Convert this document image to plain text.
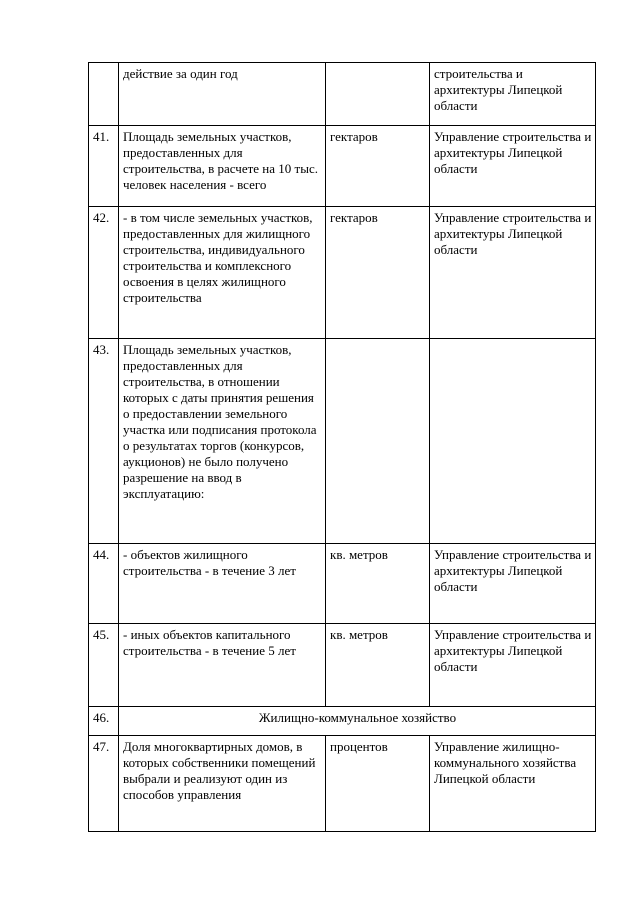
	действие за один год		строительства и архитектуры Липецкой области
41.	Площадь земельных участков, предоставленных для строительства, в расчете на 10 тыс. человек населения - всего	гектаров	Управление строительства и архитектуры Липецкой области
42.	- в том числе земельных участков, предоставленных для жилищного строительства, индивидуального строительства и комплексного освоения в целях жилищного строительства	гектаров	Управление строительства и архитектуры Липецкой области
43.	Площадь земельных участков, предоставленных для строительства, в отношении которых с даты принятия решения о предоставлении земельного участка или подписания протокола о результатах торгов (конкурсов, аукционов) не было получено разрешение на ввод в эксплуатацию:		
44.	- объектов жилищного строительства - в течение 3 лет	кв. метров	Управление строительства и архитектуры Липецкой области
45.	- иных объектов капитального строительства - в течение 5 лет	кв. метров	Управление строительства и архитектуры Липецкой области
46.	Жилищно-коммунальное хозяйство		
47.	Доля многоквартирных домов, в которых собственники помещений выбрали и реализуют один из способов управления	процентов	Управление жилищно-коммунального хозяйства Липецкой области
